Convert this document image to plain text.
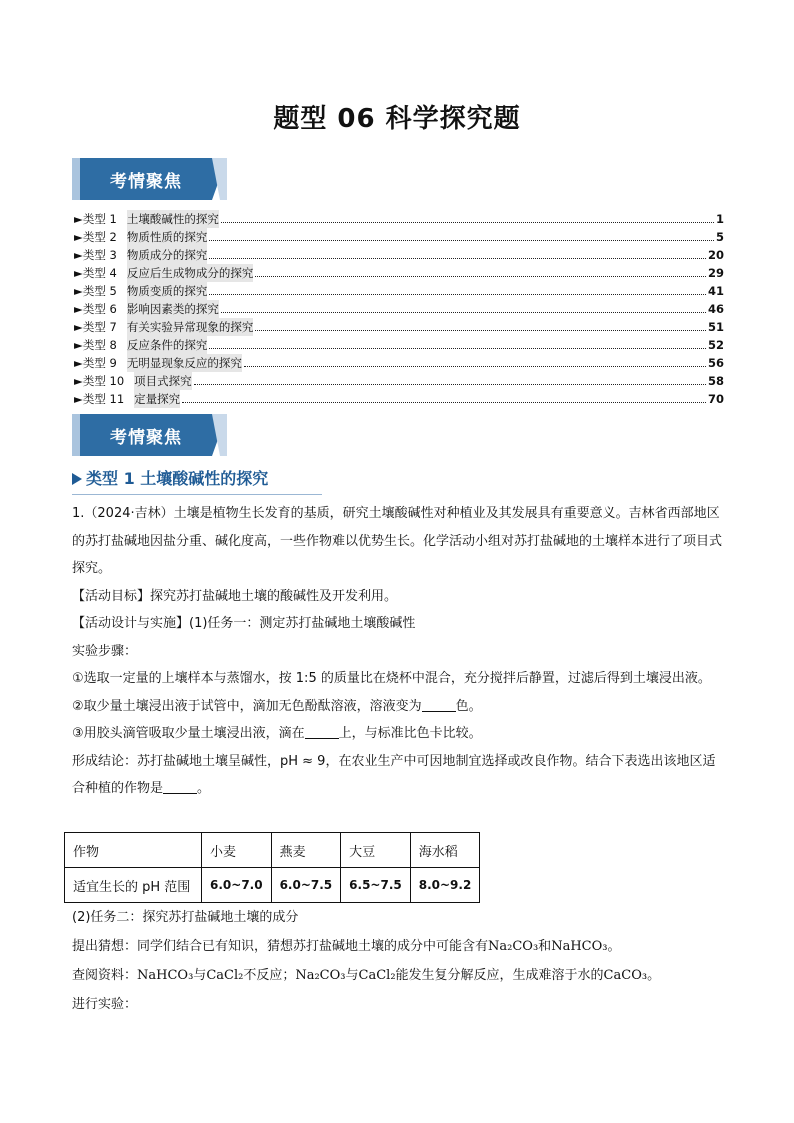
题型 06 科学探究题
考情聚焦
►类型 1 土壤酸碱性的探究	1
►类型 2 物质性质的探究	5
►类型 3 物质成分的探究	20
►类型 4 反应后生成物成分的探究	29
►类型 5 物质变质的探究	41
►类型 6 影响因素类的探究	46
►类型 7 有关实验异常现象的探究	51
►类型 8 反应条件的探究	52
►类型 9 无明显现象反应的探究	56
►类型 10 项目式探究	58
►类型 11 定量探究	70
考情聚焦
类型 1 土壤酸碱性的探究

1.（2024·吉林）土壤是植物生长发育的基质，研究土壤酸碱性对种植业及其发展具有重要意义。吉林省西部地区的苏打盐碱地因盐分重、碱化度高，一些作物难以优势生长。化学活动小组对苏打盐碱地的土壤样本进行了项目式探究。

【活动目标】探究苏打盐碱地土壤的酸碱性及开发利用。

【活动设计与实施】(1)任务一：测定苏打盐碱地土壤酸碱性

实验步骤：

①选取一定量的上壤样本与蒸馏水，按 1:5 的质量比在烧杯中混合，充分搅拌后静置，过滤后得到土壤浸出液。

②取少量土壤浸出液于试管中，滴加无色酚酞溶液，溶液变为	色。

③用胶头滴管吸取少量土壤浸出液，滴在	上，与标准比色卡比较。

形成结论：苏打盐碱地土壤呈碱性，pH ≈ 9，在农业生产中可因地制宜选择或改良作物。结合下表选出该地区适合种植的作物是	。

作物	小麦	燕麦	大豆	海水稻
适宜生长的 pH 范围	6.0~7.0	6.0~7.5	6.5~7.5	8.0~9.2

(2)任务二：探究苏打盐碱地土壤的成分

提出猜想：同学们结合已有知识，猜想苏打盐碱地土壤的成分中可能含有Na₂CO₃和NaHCO₃。

查阅资料：NaHCO₃与CaCl₂不反应；Na₂CO₃与CaCl₂能发生复分解反应，生成难溶于水的CaCO₃。

进行实验：
